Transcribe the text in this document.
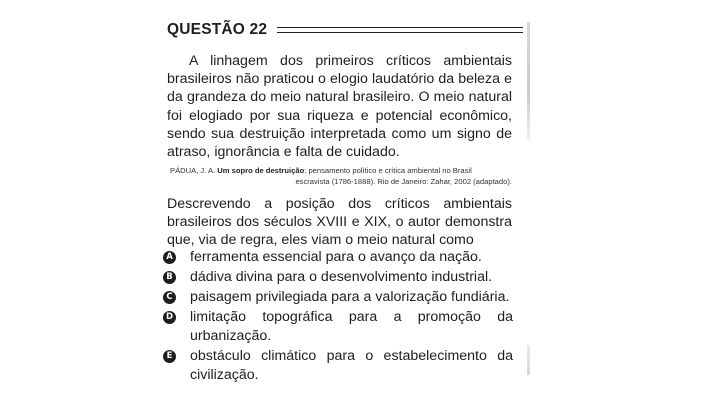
QUESTÃO 22
A linhagem dos primeiros críticos ambientais brasileiros não praticou o elogio laudatório da beleza e da grandeza do meio natural brasileiro. O meio natural foi elogiado por sua riqueza e potencial econômico, sendo sua destruição interpretada como um signo de atraso, ignorância e falta de cuidado.
PÁDUA, J. A. Um sopro de destruição: pensamento político e crítica ambiental no Brasil
escravista (1786-1888). Rio de Janeiro: Zahar, 2002 (adaptado).
Descrevendo a posição dos críticos ambientais brasileiros dos séculos XVIII e XIX, o autor demonstra que, via de regra, eles viam o meio natural como
A ferramenta essencial para o avanço da nação.
B dádiva divina para o desenvolvimento industrial.
C paisagem privilegiada para a valorização fundiária.
D limitação topográfica para a promoção da urbanização.
E obstáculo climático para o estabelecimento da civilização.
